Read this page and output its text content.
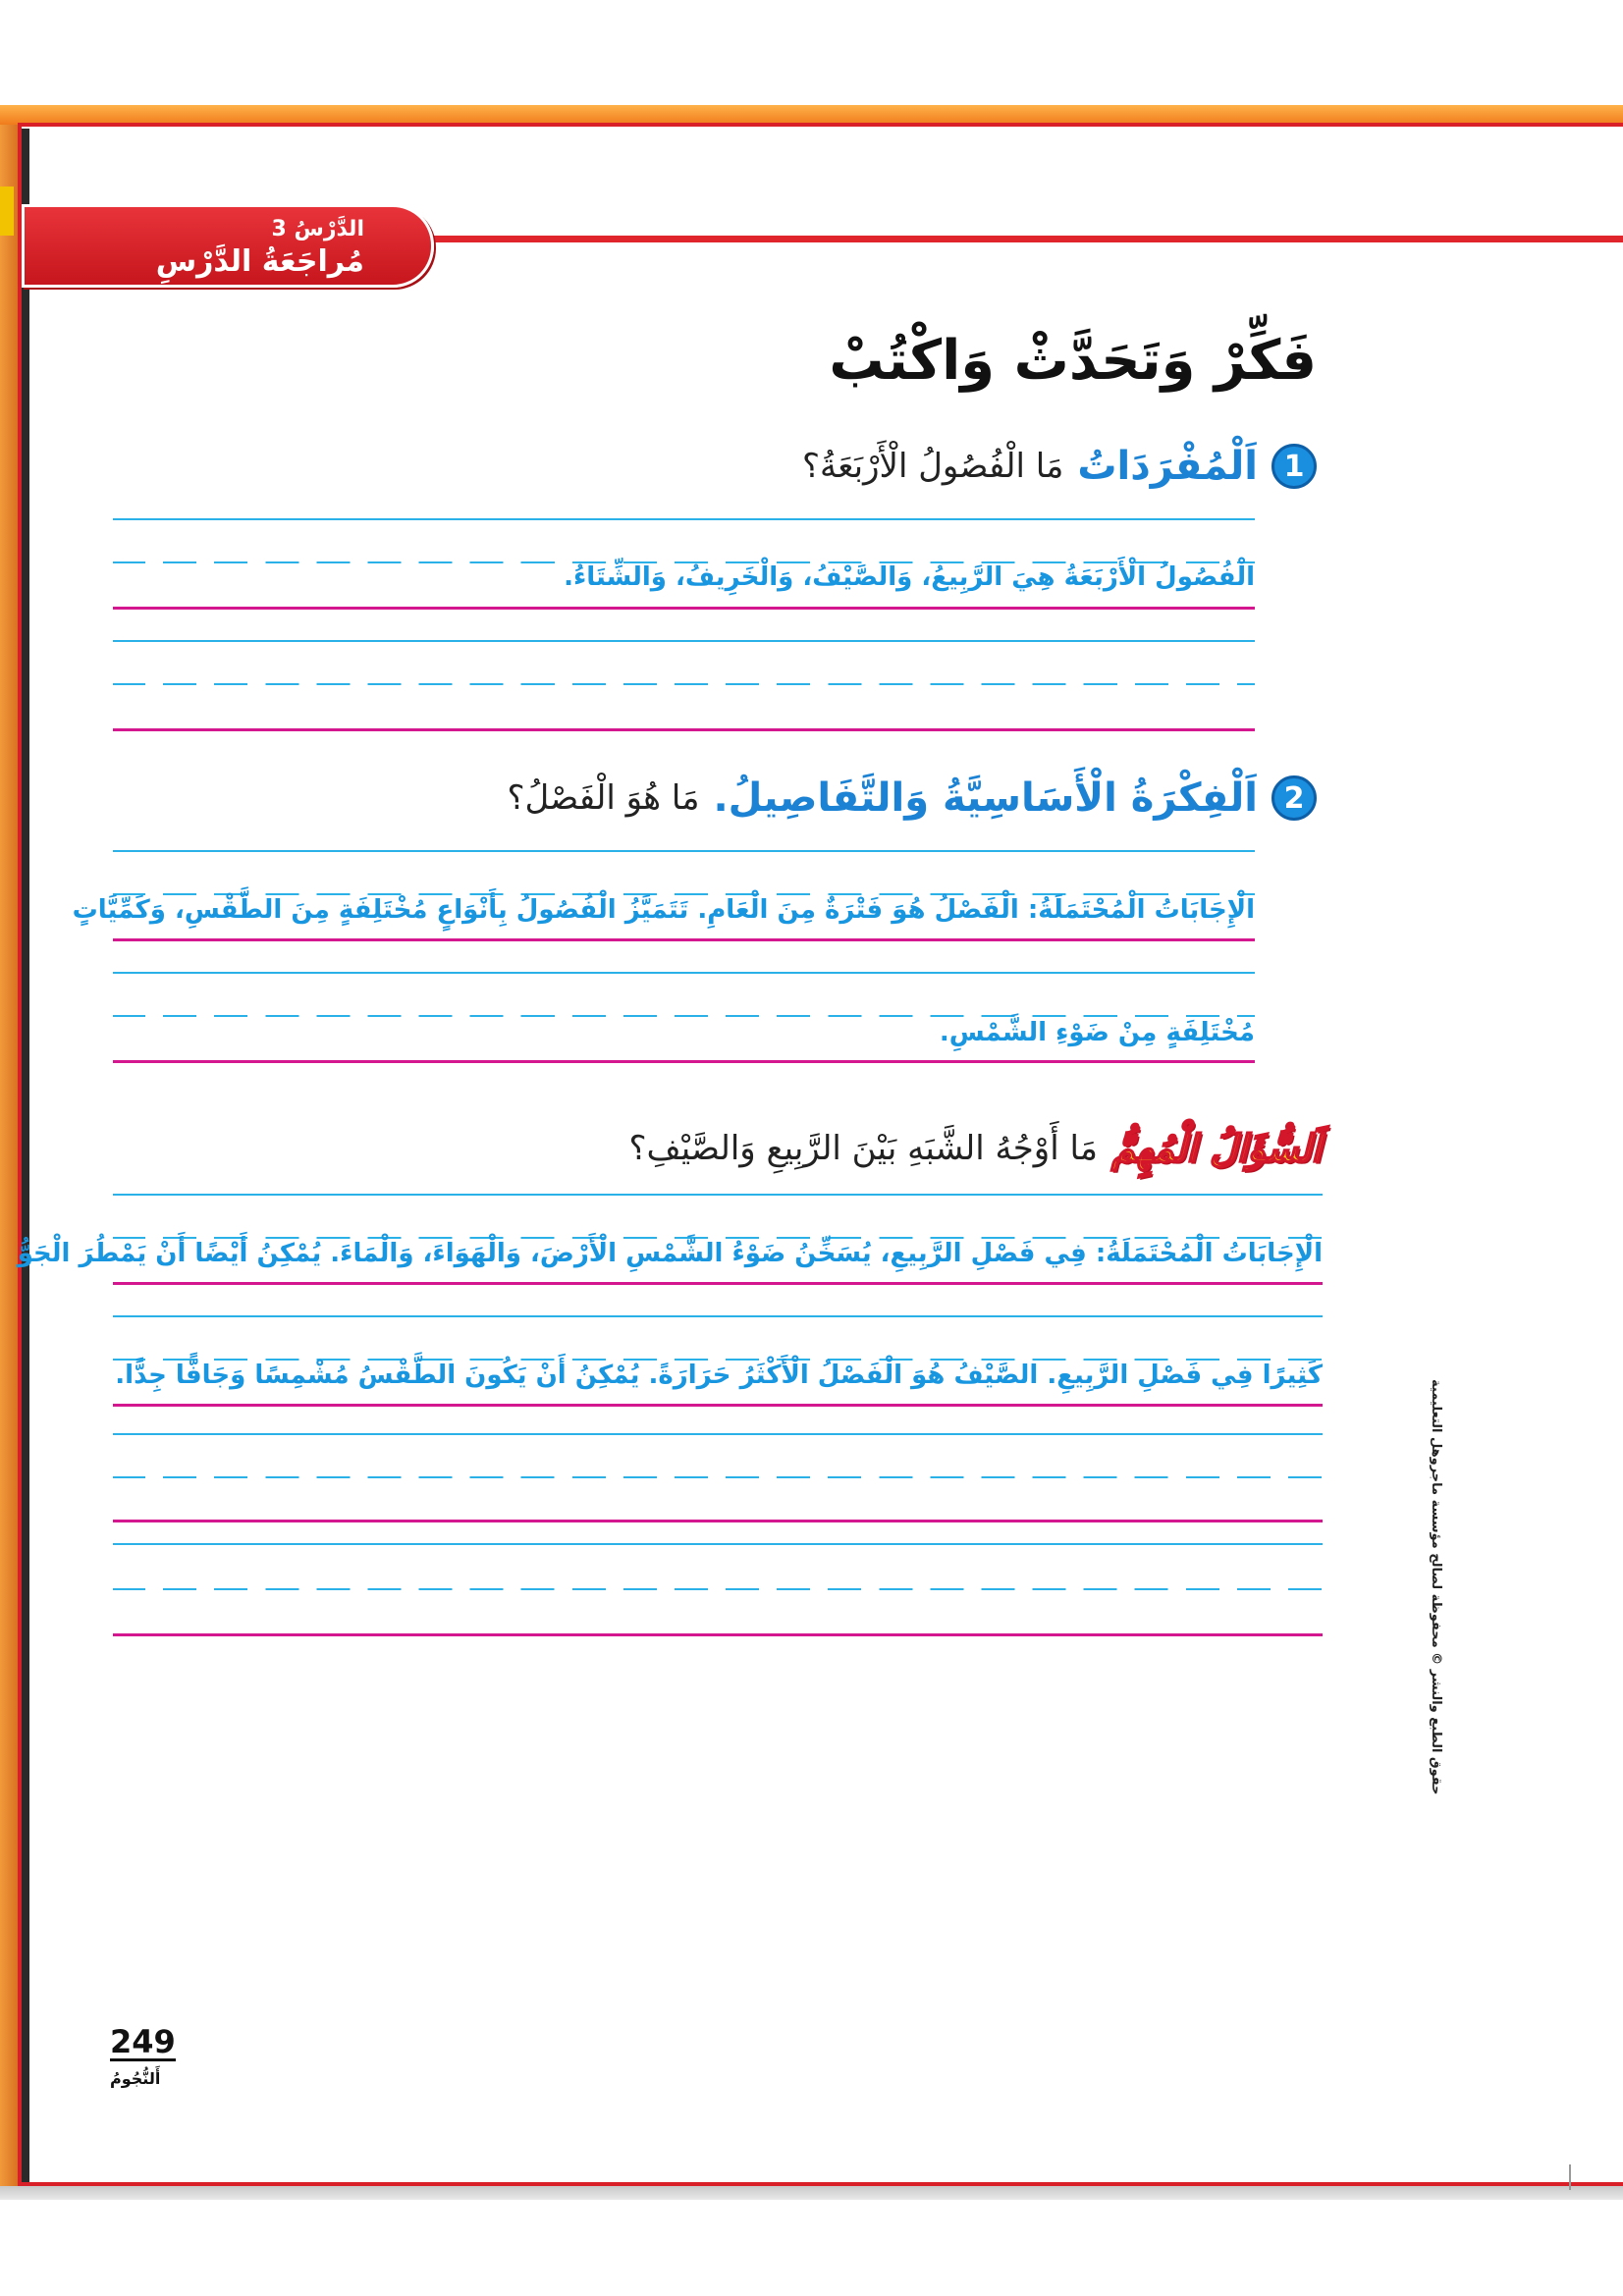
الدَّرْسُ 3
مُراجَعَةُ الدَّرْسِ
فَكِّرْ وَتَحَدَّثْ وَاكْتُبْ
1
اَلْمُفْرَدَاتُ
مَا الْفُصُولُ الْأَرْبَعَةُ؟
الْفُصُولُ الْأَرْبَعَةُ هِيَ الرَّبِيعُ، وَالصَّيْفُ، وَالْخَرِيفُ، وَالشِّتَاءُ.
2
اَلْفِكْرَةُ الْأَسَاسِيَّةُ وَالتَّفَاصِيلُ.
مَا هُوَ الْفَصْلُ؟
الْإِجَابَاتُ الْمُحْتَمَلَةُ: الْفَصْلُ هُوَ فَتْرَةٌ مِنَ الْعَامِ. تَتَمَيَّزُ الْفُصُولُ بِأَنْوَاعٍ مُخْتَلِفَةٍ مِنَ الطَّقْسِ، وَكَمِّيَّاتٍ
مُخْتَلِفَةٍ مِنْ ضَوْءِ الشَّمْسِ.
اَلسُّؤَالُ الْمُهِمُّ
مَا أَوْجُهُ الشَّبَهِ بَيْنَ الرَّبِيعِ وَالصَّيْفِ؟
الْإِجَابَاتُ الْمُحْتَمَلَةُ: فِي فَصْلِ الرَّبِيعِ، يُسَخِّنُ ضَوْءُ الشَّمْسِ الْأَرْضَ، وَالْهَوَاءَ، وَالْمَاءَ. يُمْكِنُ أَيْضًا أَنْ يَمْطُرَ الْجَوُّ
كَثِيرًا فِي فَصْلِ الرَّبِيعِ. الصَّيْفُ هُوَ الْفَصْلُ الْأَكْثَرُ حَرَارَةً. يُمْكِنُ أَنْ يَكُونَ الطَّقْسُ مُشْمِسًا وَجَافًّا جِدًّا.
حقوق الطبع والنشر © محفوظة لصالح مؤسسة ماجروهل التعليمية
249
أَلنُّجُومُ
